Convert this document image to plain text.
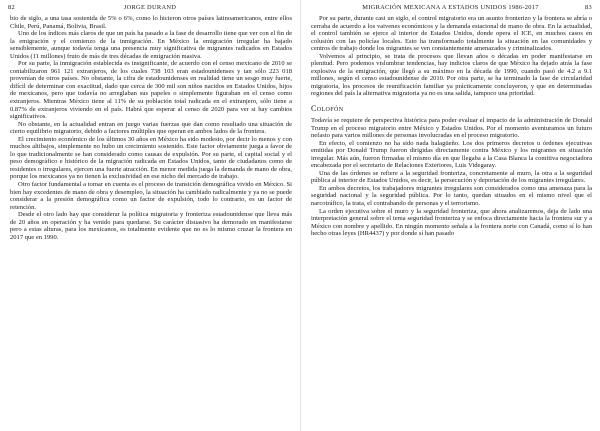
82	JORGE DURAND

bio de siglo, a una tasa sostenida de 5% o 6%, como lo hicieron otros países latinoamericanos, entre ellos Chile, Perú, Panamá, Bolivia, Brasil.

Uno de los índices más claros de que un país ha pasado a la fase de desarrollo tiene que ver con el fin de la emigración y el comienzo de la inmigración. En México la emigración irregular ha bajado sensiblemente, aunque todavía tenga una presencia muy significativa de migrantes radicados en Estados Unidos (11 millones) fruto de más de tres décadas de emigración masiva.

Por su parte, la inmigración establecida es insignificante, de acuerdo con el censo mexicano de 2010 se contabilizaron 961 121 extranjeros, de los cuales 738 103 eran estadounidenses y tan sólo 223 018 provenían de otros países. No obstante, la cifra de estadounidenses en realidad tiene un sesgo muy fuerte, difícil de determinar con exactitud, dado que cerca de 300 mil son niños nacidos en Estados Unidos, hijos de mexicanos, pero que todavía no arreglaban sus papeles o simplemente figuraban en el censo como extranjeros. Mientras México tiene al 11% de su población total radicada en el extranjero, sólo tiene a 0.87% de extranjeros viviendo en el país. Habrá que esperar al censo de 2020 para ver si hay cambios significativos.

No obstante, en la actualidad entran en juego varias fuerzas que dan como resultado una situación de cierto equilibrio migratorio, debido a factores múltiples que operan en ambos lados de la frontera.

El crecimiento económico de los últimos 30 años en México ha sido modesto, por decir lo menos y con muchos altibajos, simplemente no hubo un crecimiento sostenido. Este factor obviamente juega a favor de lo que tradicionalmente se han considerado como causas de expulsión. Por su parte, el capital social y el peso demográfico e histórico de la migración radicada en Estados Unidos, tanto de ciudadanos como de residentes o irregulares, ejercen una fuerte atracción. En menor medida juega la demanda de mano de obra, porque los mexicanos ya no tienen la exclusividad en ese nicho del mercado de trabajo.

Otro factor fundamental a tomar en cuenta es el proceso de transición demográfica vivido en México. Si bien hay excedentes de mano de obra y desempleo, la situación ha cambiado radicalmente y ya no se puede considerar a la presión demográfica como un factor de expulsión, todo lo contrario, es un factor de retención.

Desde el otro lado hay que considerar la política migratoria y fronteriza estadounidense que lleva más de 20 años en operación y ha venido para quedarse. Su carácter disuasivo ha demorado en manifestarse pero a estas alturas, para los mexicanos, es totalmente evidente que no es lo mismo cruzar la frontera en 2017 que en 1990.

MIGRACIÓN MEXICANA A ESTADOS UNIDOS 1986-2017	83

Por su parte, durante casi un siglo, el control migratorio era un asunto fronterizo y la frontera se abría o cerraba de acuerdo a los vaivenes económicos y la demanda estacional de mano de obra. En la actualidad, el control también se ejerce al interior de Estados Unidos, donde opera el ICE, en muchos casos en colusión con las policías locales. Esto ha transformado totalmente la situación en las comunidades y centros de trabajo donde los migrantes se ven constantemente amenazados y criminalizados.

Volvemos al principio, se trata de procesos que llevan años o décadas en poder manifestarse en plenitud. Pero podemos vislumbrar tendencias, hay indicios claros de que México ha dejado atrás la fase explosiva de la emigración, que llegó a su máximo en la década de 1990, cuando pasó de 4.2 a 9.1 millones, según el censo estadounidense de 2010. Por otra parte, se ha terminado la fase de circularidad migratoria, los procesos de reunificación familiar ya prácticamente concluyeron, y que en determinadas regiones del país la alternativa migratoria ya no es una salida, tampoco una prioridad.

Colofón

Todavía se requiere de perspectiva histórica para poder evaluar el impacto de la administración de Donald Trump en el proceso migratorio entre México y Estados Unidos. Por el momento aventuramos un futuro nefasto para varios millones de personas involucradas en el proceso migratorio.

En efecto, el comienzo no ha sido nada halagüeño. Los dos primeros decretos u órdenes ejecutivas emitidas por Donald Trump fueron dirigidas directamente contra México y los migrantes en situación irregular. Más aún, fueron firmadas el mismo día en que llegaba a la Casa Blanca la comitiva negociadora encabezada por el secretario de Relaciones Exteriores, Luis Videgaray.

Una de las órdenes se refiere a la seguridad fronteriza, concretamente al muro, la otra a la seguridad pública al interior de Estados Unidos, es decir, la persecución y deportación de los migrantes irregulares.

En ambos decretos, los trabajadores migrantes irregulares son considerados como una amenaza para la seguridad nacional y la seguridad pública. Por lo tanto, quedan situados en el mismo nivel que el narcotráfico, la trata, el contrabando de personas y el terrorismo.

La orden ejecutiva sobre el muro y la seguridad fronteriza, que ahora analizaremos, deja de lado una interpretación general sobre el tema seguridad fronteriza y se enfoca directamente hacia la frontera sur y a México con nombre y apellido. En ningún momento señala a la frontera norte con Canadá, como sí lo han hecho otras leyes (HR4437) y por donde sí han pasado
